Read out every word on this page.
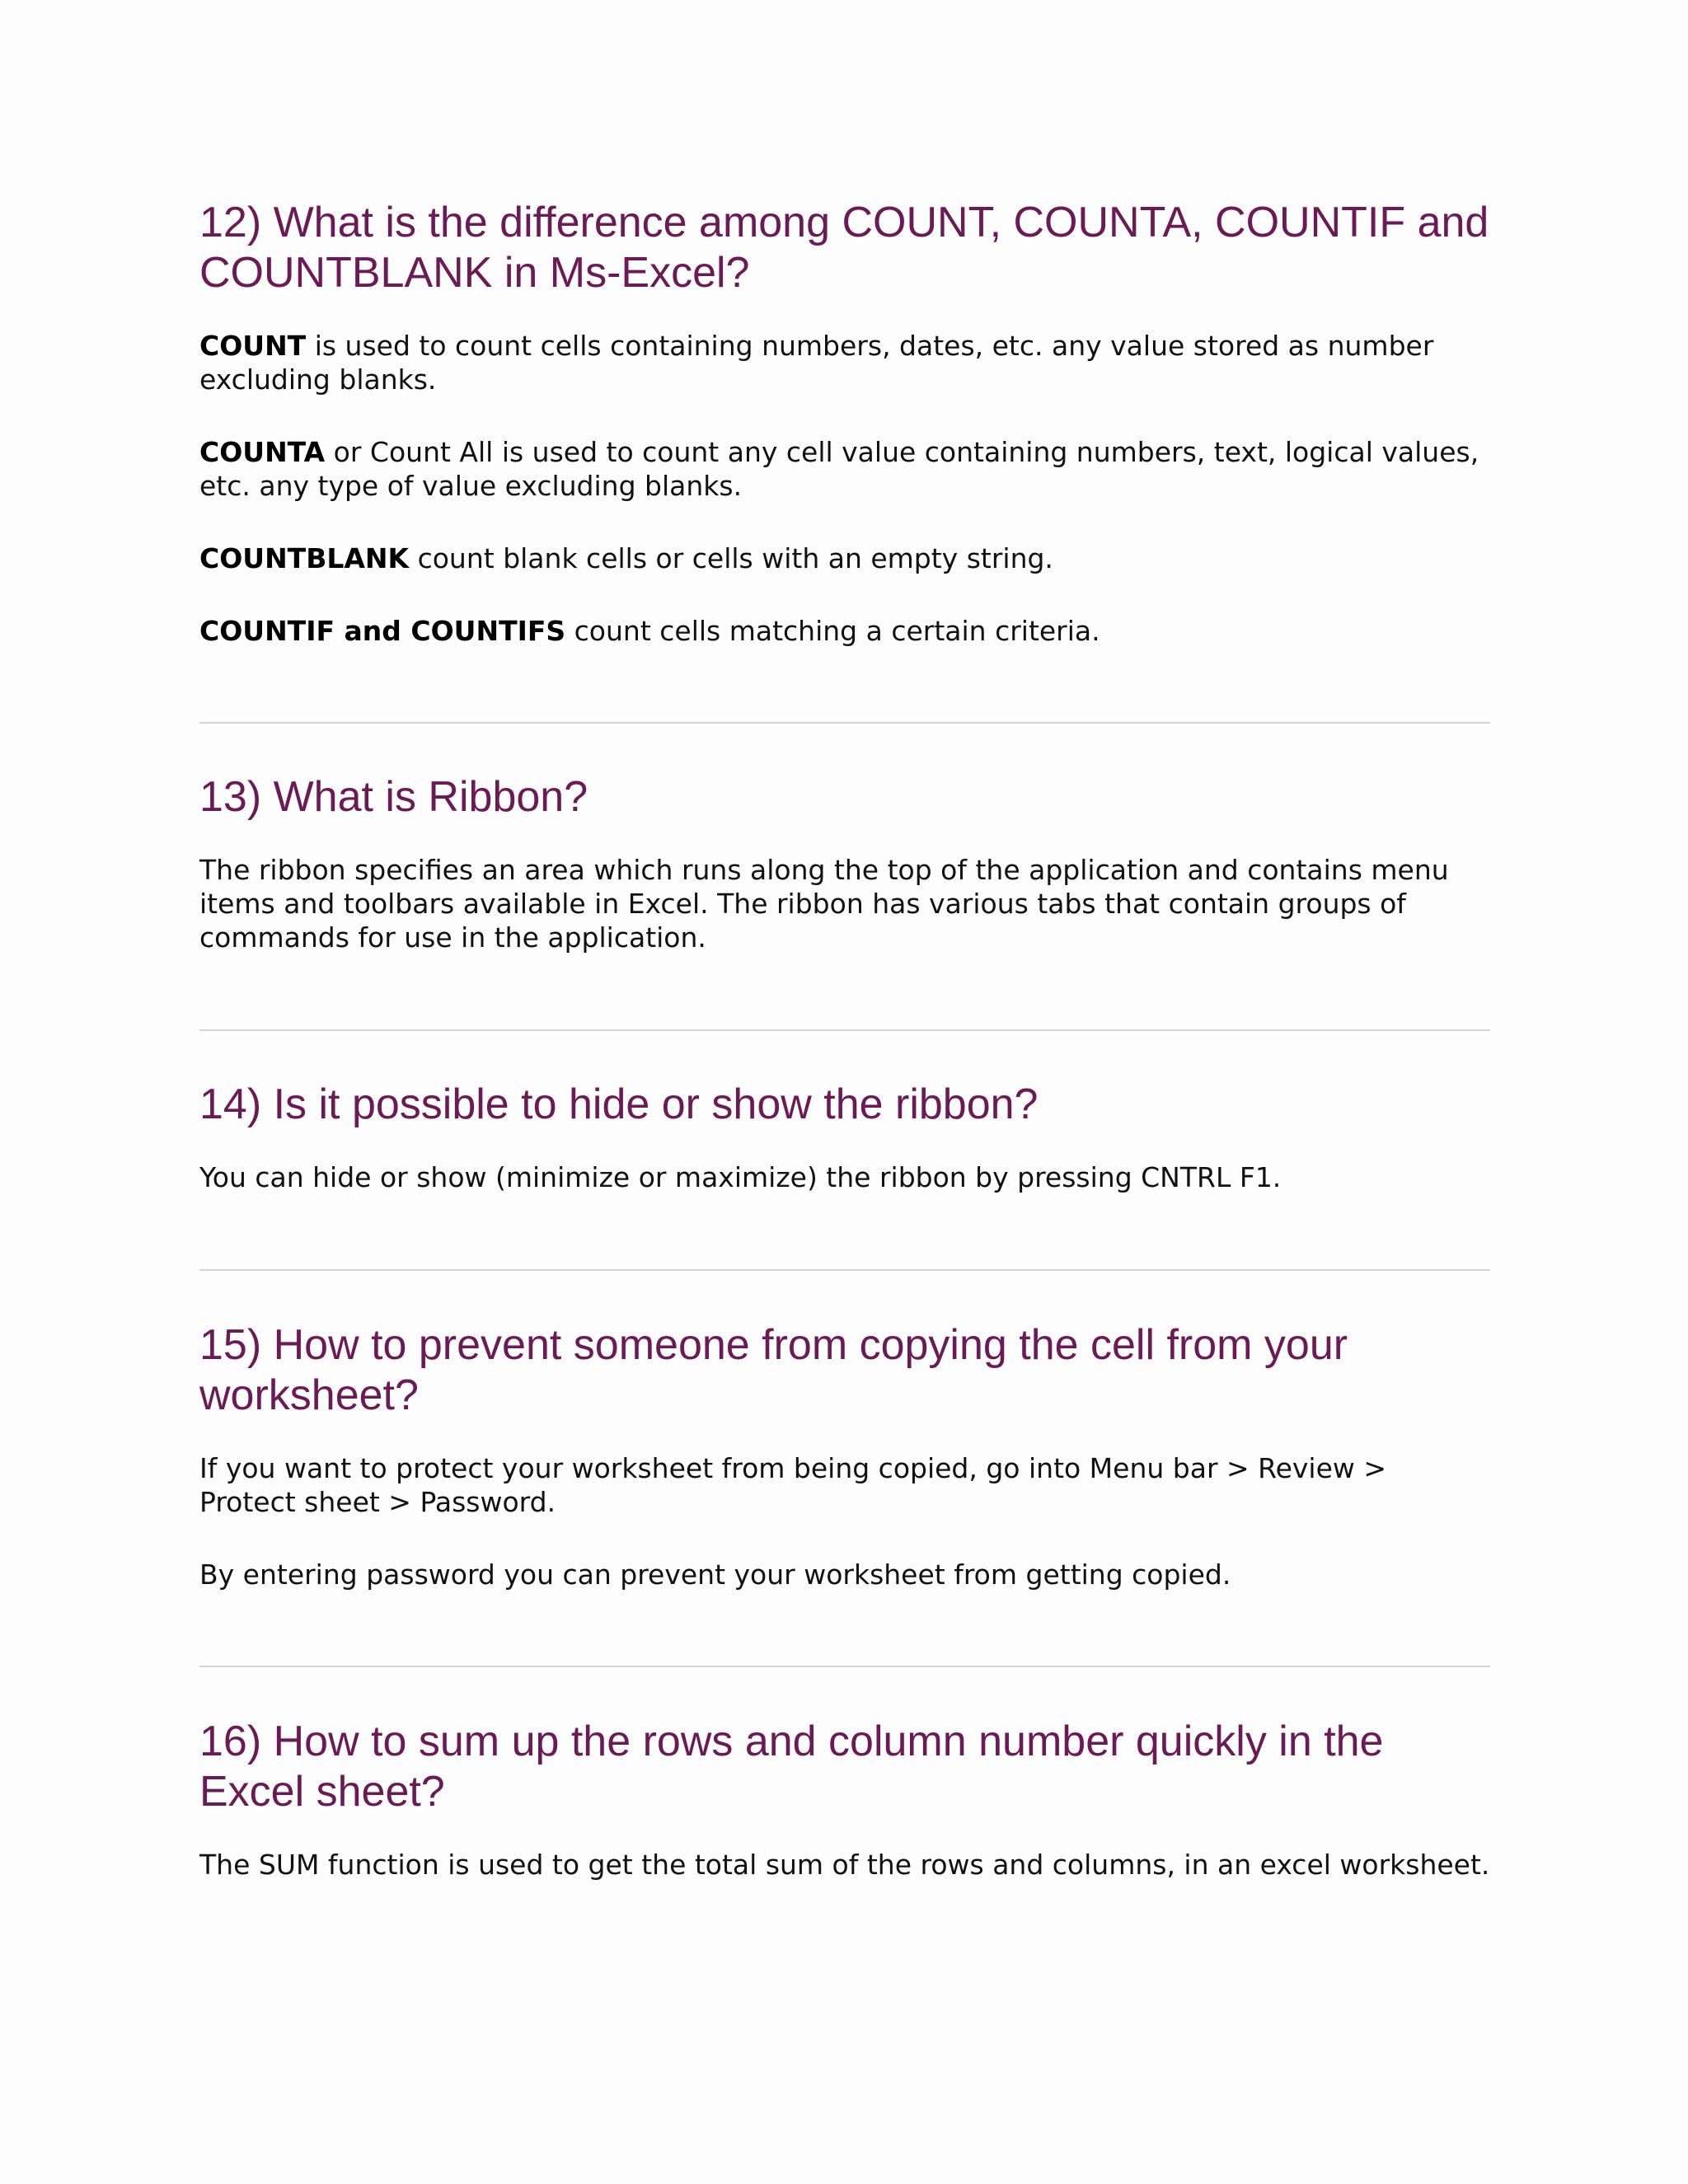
12) What is the difference among COUNT, COUNTA, COUNTIF and COUNTBLANK in Ms-Excel?

COUNT is used to count cells containing numbers, dates, etc. any value stored as number excluding blanks.

COUNTA or Count All is used to count any cell value containing numbers, text, logical values, etc. any type of value excluding blanks.

COUNTBLANK count blank cells or cells with an empty string.

COUNTIF and COUNTIFS count cells matching a certain criteria.

13) What is Ribbon?

The ribbon specifies an area which runs along the top of the application and contains menu items and toolbars available in Excel. The ribbon has various tabs that contain groups of commands for use in the application.

14) Is it possible to hide or show the ribbon?

You can hide or show (minimize or maximize) the ribbon by pressing CNTRL F1.

15) How to prevent someone from copying the cell from your worksheet?

If you want to protect your worksheet from being copied, go into Menu bar > Review > Protect sheet > Password.

By entering password you can prevent your worksheet from getting copied.

16) How to sum up the rows and column number quickly in the Excel sheet?

The SUM function is used to get the total sum of the rows and columns, in an excel worksheet.
